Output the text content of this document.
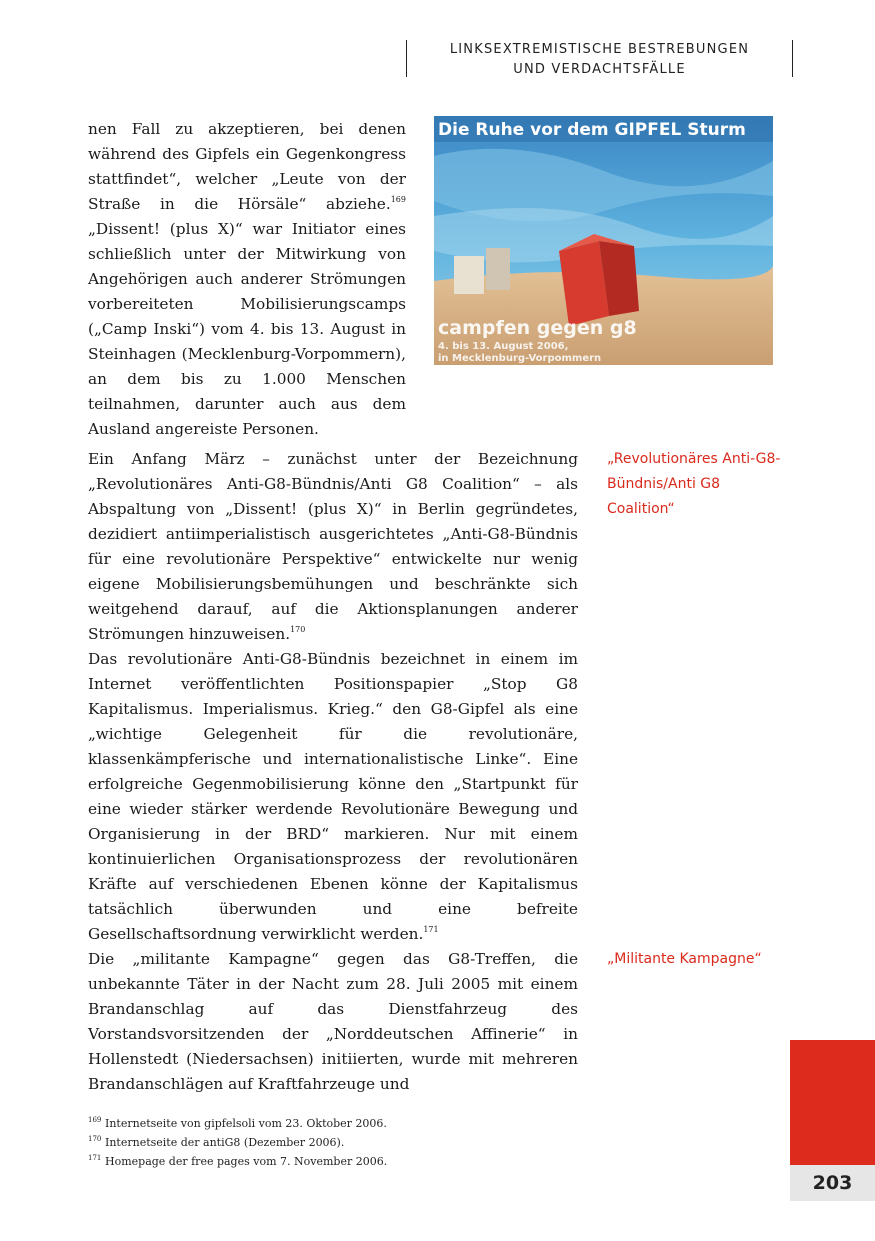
LINKSEXTREMISTISCHE BESTREBUNGEN
UND VERDACHTSFÄLLE

nen Fall zu akzeptieren, bei denen während des Gipfels ein Gegenkongress stattfindet“, welcher „Leute von der Straße in die Hörsäle“ abziehe.$^{169}$ „Dissent! (plus X)“ war Initiator eines schließlich unter der Mitwirkung von Angehörigen auch anderer Strömungen vorbereiteten Mobilisierungscamps („Camp Inski“) vom 4. bis 13. August in Steinhagen (Mecklenburg-Vorpommern), an dem bis zu 1.000 Menschen teilnahmen, darunter auch aus dem Ausland angereiste Personen.

Die Ruhe vor dem GIPFEL Sturm
campfen gegen g8
4. bis 13. August 2006,
in Mecklenburg-Vorpommern

Ein Anfang März – zunächst unter der Bezeichnung „Revolutionäres Anti-G8-Bündnis/Anti G8 Coalition“ – als Abspaltung von „Dissent! (plus X)“ in Berlin gegründetes, dezidiert antiimperialistisch ausgerichtetes „Anti-G8-Bündnis für eine revolutionäre Perspektive“ entwickelte nur wenig eigene Mobilisierungsbemühungen und beschränkte sich weitgehend darauf, auf die Aktionsplanungen anderer Strömungen hinzuweisen.$^{170}$

„Revolutionäres Anti-G8-Bündnis/Anti G8 Coalition“

Das revolutionäre Anti-G8-Bündnis bezeichnet in einem im Internet veröffentlichten Positionspapier „Stop G8 Kapitalismus. Imperialismus. Krieg.“ den G8-Gipfel als eine „wichtige Gelegenheit für die revolutionäre, klassenkämpferische und internationalistische Linke“. Eine erfolgreiche Gegenmobilisierung könne den „Startpunkt für eine wieder stärker werdende Revolutionäre Bewegung und Organisierung in der BRD“ markieren. Nur mit einem kontinuierlichen Organisationsprozess der revolutionären Kräfte auf verschiedenen Ebenen könne der Kapitalismus tatsächlich überwunden und eine befreite Gesellschaftsordnung verwirklicht werden.$^{171}$

Die „militante Kampagne“ gegen das G8-Treffen, die unbekannte Täter in der Nacht zum 28. Juli 2005 mit einem Brandanschlag auf das Dienstfahrzeug des Vorstandsvorsitzenden der „Norddeutschen Affinerie“ in Hollenstedt (Niedersachsen) initiierten, wurde mit mehreren Brandanschlägen auf Kraftfahrzeuge und

„Militante Kampagne“
169 Internetseite von gipfelsoli vom 23. Oktober 2006.
170 Internetseite der antiG8 (Dezember 2006).
171 Homepage der free pages vom 7. November 2006.
203
